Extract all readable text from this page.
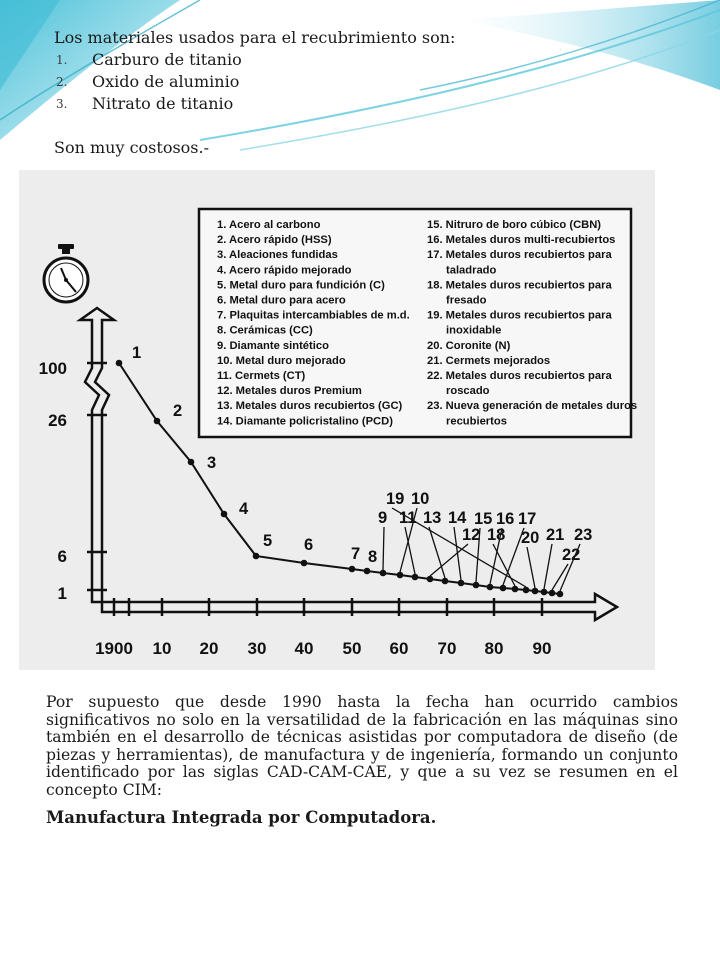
Los materiales usados para el recubrimiento son:
1.	Carburo de titanio
2.	Oxido de aluminio
3.	Nitrato de titanio
Son muy costosos.-
1. Acero al carbono
2. Acero rápido (HSS)
3. Aleaciones fundidas
4. Acero rápido mejorado
5. Metal duro para fundición (C)
6. Metal duro para acero
7. Plaquitas intercambiables de m.d.
8. Cerámicas (CC)
9. Diamante sintético
10. Metal duro mejorado
11. Cermets (CT)
12. Metales duros Premium
13. Metales duros recubiertos (GC)
14. Diamante policristalino (PCD)
15. Nitruro de boro cúbico (CBN)
16. Metales duros multi-recubiertos
17. Metales duros recubiertos para
taladrado
18. Metales duros recubiertos para
fresado
19. Metales duros recubiertos para
inoxidable
20. Coronite (N)
21. Cermets mejorados
22. Metales duros recubiertos para
roscado
23. Nueva generación de metales duros
recubiertos
100
26
6
1
1900 10 20 30 40 50 60 70 80 90
1
2
3
4
5 6 7 8
9 11 13 14 15 16 17
19 10
12 18 20 21
22
23
Por supuesto que desde 1990 hasta la fecha han ocurrido cambios significativos no solo en la versatilidad de la fabricación en las máquinas sino también en el desarrollo de técnicas asistidas por computadora de diseño (de piezas y herramientas), de manufactura y de ingeniería, formando un conjunto identificado por las siglas CAD-CAM-CAE, y que a su vez se resumen en el concepto CIM:
Manufactura Integrada por Computadora.
